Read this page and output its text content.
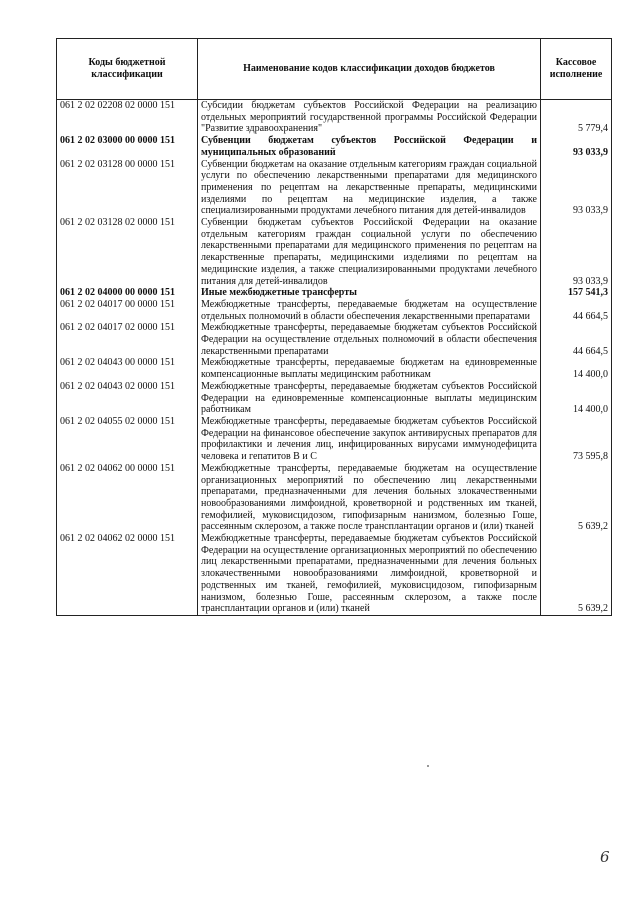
Коды бюджетной классификации	Наименование кодов классификации доходов бюджетов	Кассовое исполнение
061 2 02 02208 02 0000 151	Субсидии бюджетам субъектов Российской Федерации на реализацию отдельных мероприятий государственной программы Российской Федерации "Развитие здравоохранения"	5 779,4
061 2 02 03000 00 0000 151	Субвенции бюджетам субъектов Российской Федерации и муниципальных образований	93 033,9
061 2 02 03128 00 0000 151	Субвенции бюджетам на оказание отдельным категориям граждан социальной услуги по обеспечению лекарственными препаратами для медицинского применения по рецептам на лекарственные препараты, медицинскими изделиями по рецептам на медицинские изделия, а также специализированными продуктами лечебного питания для детей-инвалидов	93 033,9
061 2 02 03128 02 0000 151	Субвенции бюджетам субъектов Российской Федерации на оказание отдельным категориям граждан социальной услуги по обеспечению лекарственными препаратами для медицинского применения по рецептам на лекарственные препараты, медицинскими изделиями по рецептам на медицинские изделия, а также специализированными продуктами лечебного питания для детей-инвалидов	93 033,9
061 2 02 04000 00 0000 151	Иные межбюджетные трансферты	157 541,3
061 2 02 04017 00 0000 151	Межбюджетные трансферты, передаваемые бюджетам на осуществление отдельных полномочий в области обеспечения лекарственными препаратами	44 664,5
061 2 02 04017 02 0000 151	Межбюджетные трансферты, передаваемые бюджетам субъектов Российской Федерации на осуществление отдельных полномочий в области обеспечения лекарственными препаратами	44 664,5
061 2 02 04043 00 0000 151	Межбюджетные трансферты, передаваемые бюджетам на единовременные компенсационные выплаты медицинским работникам	14 400,0
061 2 02 04043 02 0000 151	Межбюджетные трансферты, передаваемые бюджетам субъектов Российской Федерации на единовременные компенсационные выплаты медицинским работникам	14 400,0
061 2 02 04055 02 0000 151	Межбюджетные трансферты, передаваемые бюджетам субъектов Российской Федерации на финансовое обеспечение закупок антивирусных препаратов для профилактики и лечения лиц, инфицированных вирусами иммунодефицита человека и гепатитов В и С	73 595,8
061 2 02 04062 00 0000 151	Межбюджетные трансферты, передаваемые бюджетам на осуществление организационных мероприятий по обеспечению лиц лекарственными препаратами, предназначенными для лечения больных злокачественными новообразованиями лимфоидной, кроветворной и родственных им тканей, гемофилией, муковисцидозом, гипофизарным нанизмом, болезнью Гоше, рассеянным склерозом, а также после трансплантации органов и (или) тканей	5 639,2
061 2 02 04062 02 0000 151	Межбюджетные трансферты, передаваемые бюджетам субъектов Российской Федерации на осуществление организационных мероприятий по обеспечению лиц лекарственными препаратами, предназначенными для лечения больных злокачественными новообразованиями лимфоидной, кроветворной и родственных им тканей, гемофилией, муковисцидозом, гипофизарным нанизмом, болезнью Гоше, рассеянным склерозом, а также после трансплантации органов и (или) тканей	5 639,2
6
